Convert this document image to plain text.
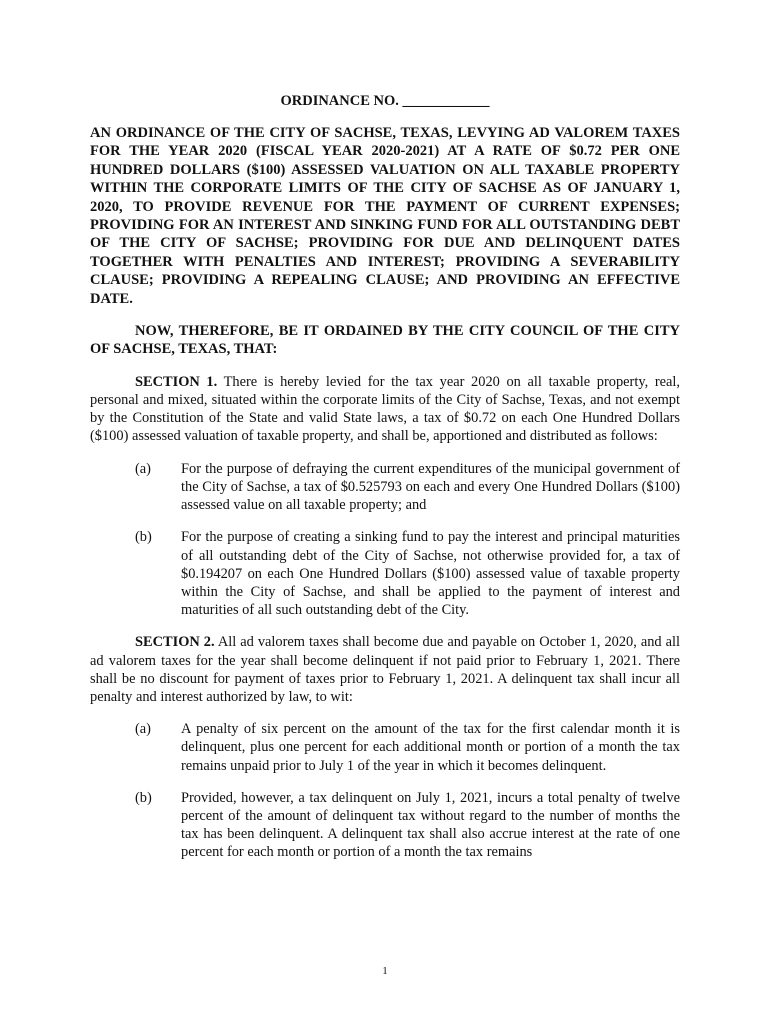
ORDINANCE NO. ____________
AN ORDINANCE OF THE CITY OF SACHSE, TEXAS, LEVYING AD VALOREM TAXES FOR THE YEAR 2020 (FISCAL YEAR 2020-2021) AT A RATE OF $0.72 PER ONE HUNDRED DOLLARS ($100) ASSESSED VALUATION ON ALL TAXABLE PROPERTY WITHIN THE CORPORATE LIMITS OF THE CITY OF SACHSE AS OF JANUARY 1, 2020, TO PROVIDE REVENUE FOR THE PAYMENT OF CURRENT EXPENSES; PROVIDING FOR AN INTEREST AND SINKING FUND FOR ALL OUTSTANDING DEBT OF THE CITY OF SACHSE; PROVIDING FOR DUE AND DELINQUENT DATES TOGETHER WITH PENALTIES AND INTEREST; PROVIDING A SEVERABILITY CLAUSE; PROVIDING A REPEALING CLAUSE; AND PROVIDING AN EFFECTIVE DATE.
NOW, THEREFORE, BE IT ORDAINED BY THE CITY COUNCIL OF THE CITY OF SACHSE, TEXAS, THAT:
SECTION 1. There is hereby levied for the tax year 2020 on all taxable property, real, personal and mixed, situated within the corporate limits of the City of Sachse, Texas, and not exempt by the Constitution of the State and valid State laws, a tax of $0.72 on each One Hundred Dollars ($100) assessed valuation of taxable property, and shall be, apportioned and distributed as follows:
(a)	For the purpose of defraying the current expenditures of the municipal government of the City of Sachse, a tax of $0.525793 on each and every One Hundred Dollars ($100) assessed value on all taxable property; and
(b)	For the purpose of creating a sinking fund to pay the interest and principal maturities of all outstanding debt of the City of Sachse, not otherwise provided for, a tax of $0.194207 on each One Hundred Dollars ($100) assessed value of taxable property within the City of Sachse, and shall be applied to the payment of interest and maturities of all such outstanding debt of the City.
SECTION 2. All ad valorem taxes shall become due and payable on October 1, 2020, and all ad valorem taxes for the year shall become delinquent if not paid prior to February 1, 2021. There shall be no discount for payment of taxes prior to February 1, 2021. A delinquent tax shall incur all penalty and interest authorized by law, to wit:
(a)	A penalty of six percent on the amount of the tax for the first calendar month it is delinquent, plus one percent for each additional month or portion of a month the tax remains unpaid prior to July 1 of the year in which it becomes delinquent.
(b)	Provided, however, a tax delinquent on July 1, 2021, incurs a total penalty of twelve percent of the amount of delinquent tax without regard to the number of months the tax has been delinquent. A delinquent tax shall also accrue interest at the rate of one percent for each month or portion of a month the tax remains
1
